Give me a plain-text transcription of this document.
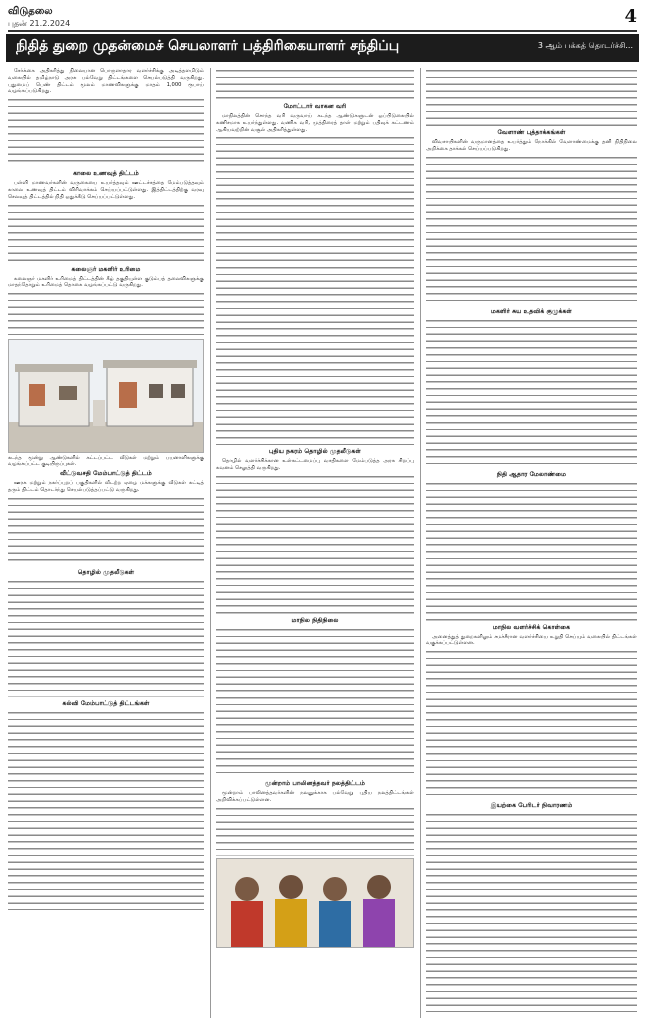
விடுதலை
புதன் 21.2.2024	4
நிதித் துறை முதன்மைச் செயலாளர் பத்திரிகையாளர் சந்திப்பு	3 ஆம் பக்கத் தொடர்ச்சி...

சேர்க்கை அதிகரித்து நிலையான பொருளாதார வளர்ச்சிக்கு அடித்தளமிடும் வகையில் தமிழ்நாடு அரசு பல்வேறு திட்டங்களை செயல்படுத்தி வருகிறது. புதுமைப் பெண் திட்டம் மூலம் மாணவிகளுக்கு மாதம் 1,000 ரூபாய் வழங்கப்படுகிறது.

காலை உணவுத் திட்டம்

பள்ளி மாணவர்களின் வருகையை உயர்த்தவும் ஊட்டச்சத்தை மேம்படுத்தவும் காலை உணவுத் திட்டம் விரிவாக்கம் செய்யப்பட்டுள்ளது. இத்திட்டத்திற்கு வரவு செலவுத் திட்டத்தில் நிதி ஒதுக்கீடு செய்யப்பட்டுள்ளது.

கலைஞர் மகளிர் உரிமை

கலைஞர் மகளிர் உரிமைத் திட்டத்தின் கீழ் தகுதியுள்ள குடும்பத் தலைவிகளுக்கு மாதந்தோறும் உரிமைத் தொகை வழங்கப்பட்டு வருகிறது.

கடந்த மூன்று ஆண்டுகளில் கட்டப்பட்ட வீடுகள் மற்றும் பயனாளிகளுக்கு வழங்கப்பட்ட குடியிருப்புகள்.
வீட்டுவசதி மேம்பாட்டுத் திட்டம்

ஊரக மற்றும் நகர்ப்புறப் பகுதிகளில் வீடற்ற ஏழை மக்களுக்கு வீடுகள் கட்டித் தரும் திட்டம் தொடர்ந்து செயல்படுத்தப்பட்டு வருகிறது.

தொழில் முதலீடுகள்
கல்வி மேம்பாட்டுத் திட்டங்கள்
மோட்டார் வாகன வரி

மாநிலத்தின் சொந்த வரி வருவாய் கடந்த ஆண்டுகளுடன் ஒப்பிடுகையில் கணிசமாக உயர்ந்துள்ளது. வணிக வரி, முத்திரைத் தாள் மற்றும் பதிவுக் கட்டணம் ஆகியவற்றின் வசூல் அதிகரித்துள்ளது.

புதிய நகரம் தொழில் முதலீடுகள்

தொழில் வளர்ச்சிக்கான உள்கட்டமைப்பு வசதிகளை மேம்படுத்த அரசு சிறப்பு கவனம் செலுத்தி வருகிறது.

மாநில நிதிநிலை
மூன்றாம் பாலினத்தவர் நலத்திட்டம்

மூன்றாம் பாலினத்தவர்களின் நலனுக்காக பல்வேறு புதிய நலத்திட்டங்கள் அறிவிக்கப்பட்டுள்ளன.

வேளாண் புத்தாக்கங்கள்

விவசாயிகளின் வருமானத்தை உயர்த்தும் நோக்கில் வேளாண்மைக்கு தனி நிதிநிலை அறிக்கை தாக்கல் செய்யப்படுகிறது.

மகளிர் சுய உதவிக் குழுக்கள்
நிதி ஆதார மேலாண்மை
மாநில வளர்ச்சிக் கொள்கை

அனைத்துத் துறைகளிலும் சமச்சீரான வளர்ச்சியை உறுதி செய்யும் வகையில் திட்டங்கள் வகுக்கப்பட்டுள்ளன.

இயற்கை பேரிடர் நிவாரணம்
